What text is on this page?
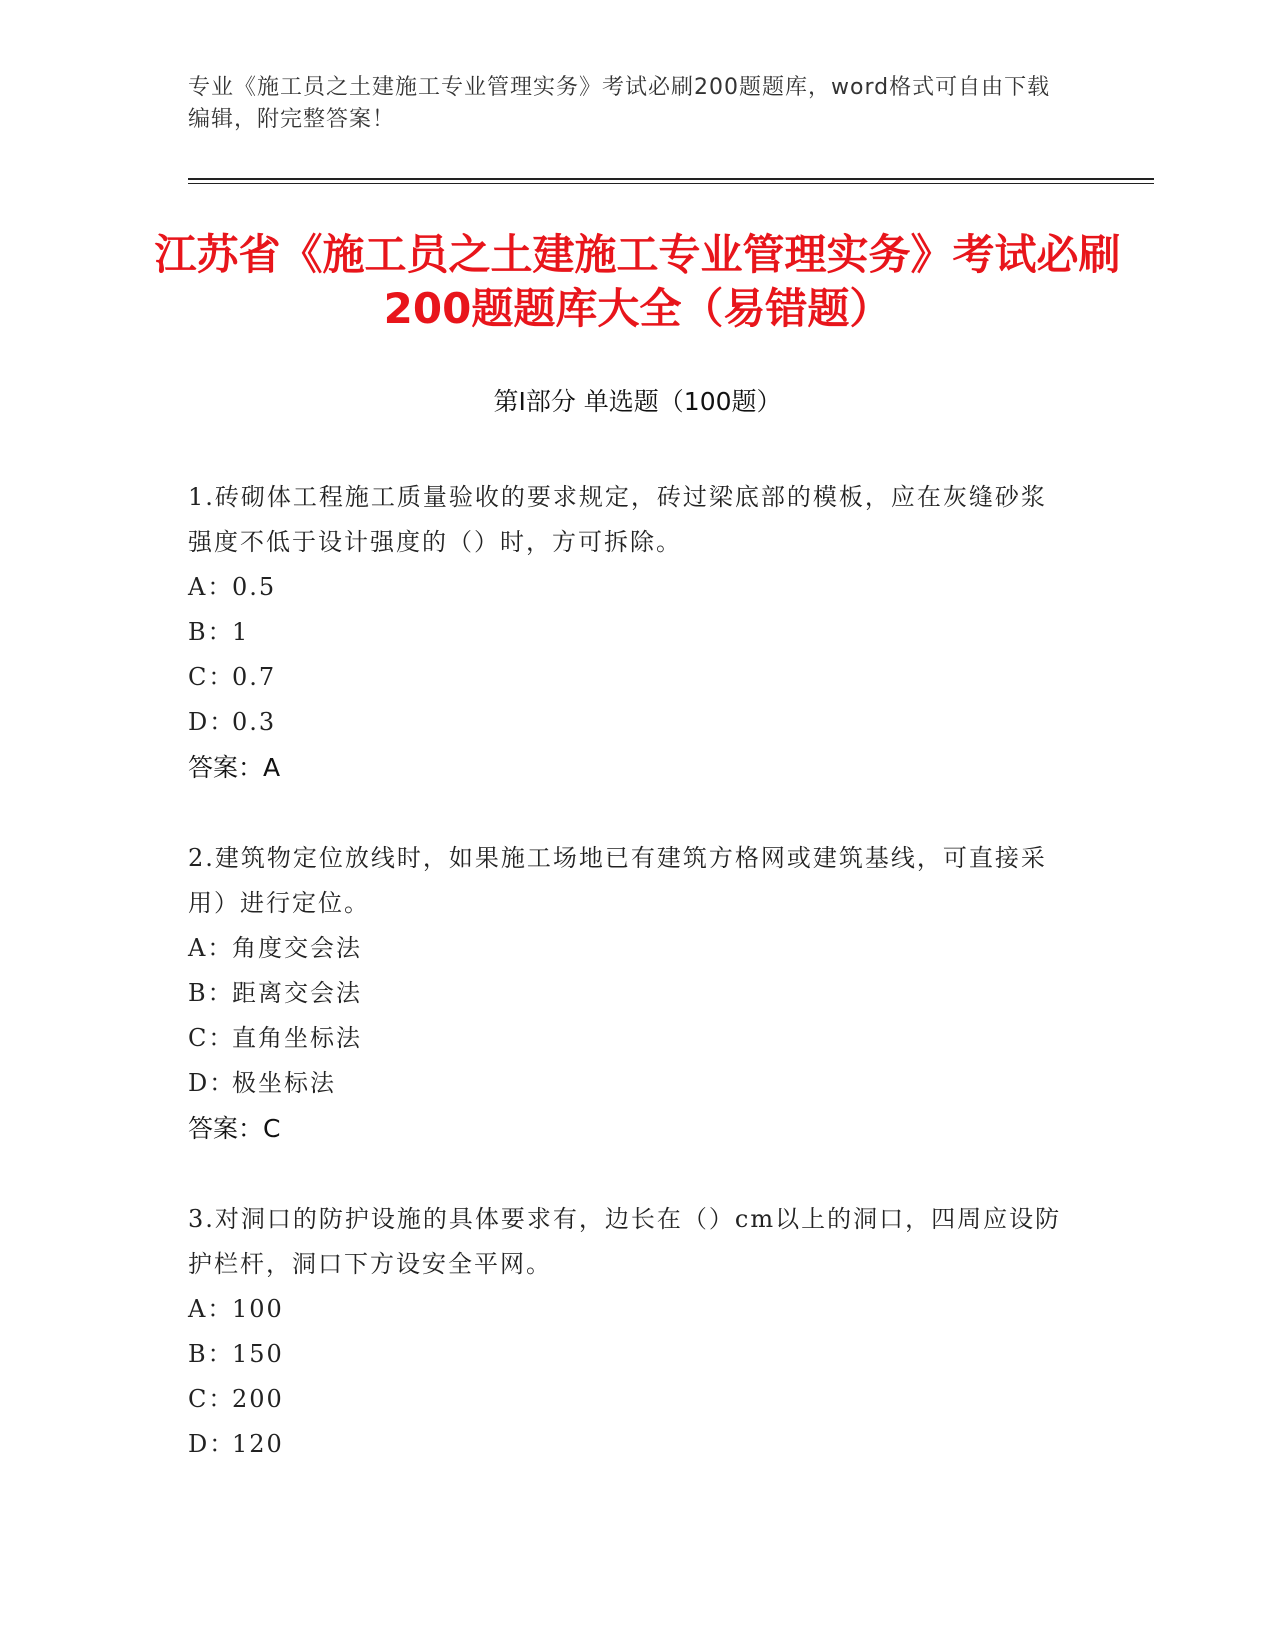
专业《施工员之土建施工专业管理实务》考试必刷200题题库，word格式可自由下载编辑，附完整答案！
江苏省《施工员之土建施工专业管理实务》考试必刷200题题库大全（易错题）
第I部分 单选题（100题）
1.砖砌体工程施工质量验收的要求规定，砖过梁底部的模板，应在灰缝砂浆强度不低于设计强度的（）时，方可拆除。
A：0.5
B：1
C：0.7
D：0.3
答案：A
2.建筑物定位放线时，如果施工场地已有建筑方格网或建筑基线，可直接采用）进行定位。
A：角度交会法
B：距离交会法
C：直角坐标法
D：极坐标法
答案：C
3.对洞口的防护设施的具体要求有，边长在（）cm以上的洞口，四周应设防护栏杆，洞口下方设安全平网。
A：100
B：150
C：200
D：120
